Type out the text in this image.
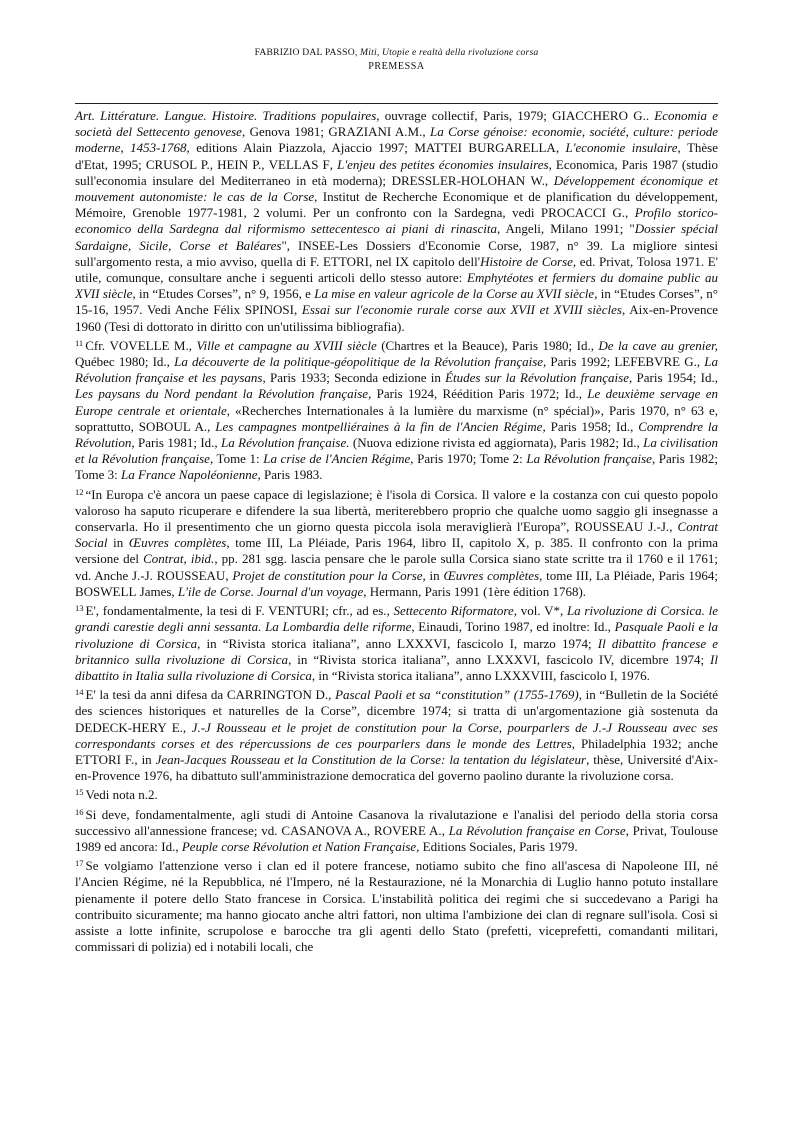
FABRIZIO DAL PASSO, Miti, Utopie e realtà della rivoluzione corsa
PREMESSA

Art. Littérature. Langue. Histoire. Traditions populaires, ouvrage collectif, Paris, 1979; GIACCHERO G.. Economia e società del Settecento genovese, Genova 1981; GRAZIANI A.M., La Corse génoise: economie, société, culture: periode moderne, 1453-1768, editions Alain Piazzola, Ajaccio 1997; MATTEI BURGARELLA, L'economie insulaire, Thèse d'Etat, 1995; CRUSOL P., HEIN P., VELLAS F, L'enjeu des petites économies insulaires, Economica, Paris 1987 (studio sull'economia insulare del Mediterraneo in età moderna); DRESSLER-HOLOHAN W., Développement économique et mouvement autonomiste: le cas de la Corse, Institut de Recherche Economique et de planification du développement, Mémoire, Grenoble 1977-1981, 2 volumi. Per un confronto con la Sardegna, vedi PROCACCI G., Profilo storico-economico della Sardegna dal riformismo settecentesco ai piani di rinascita, Angeli, Milano 1991; "Dossier spécial Sardaigne, Sicile, Corse et Baléares", INSEE-Les Dossiers d'Economie Corse, 1987, n° 39. La migliore sintesi sull'argomento resta, a mio avviso, quella di F. ETTORI, nel IX capitolo dell'Histoire de Corse, ed. Privat, Tolosa 1971. E' utile, comunque, consultare anche i seguenti articoli dello stesso autore: Emphytéotes et fermiers du domaine public au XVII siècle, in “Etudes Corses”, n° 9, 1956, e La mise en valeur agricole de la Corse au XVII siècle, in “Etudes Corses”, n° 15-16, 1957. Vedi Anche Félix SPINOSI, Essai sur l'economie rurale corse aux XVII et XVIII siècles, Aix-en-Provence 1960 (Tesi di dottorato in diritto con un'utilissima bibliografia).

$^{11}$ Cfr. VOVELLE M., Ville et campagne au XVIII siècle (Chartres et la Beauce), Paris 1980; Id., De la cave au grenier, Québec 1980; Id., La découverte de la politique-géopolitique de la Révolution française, Paris 1992; LEFEBVRE G., La Révolution française et les paysans, Paris 1933; Seconda edizione in Études sur la Révolution française, Paris 1954; Id., Les paysans du Nord pendant la Révolution française, Paris 1924, Réédition Paris 1972; Id., Le deuxième servage en Europe centrale et orientale, «Recherches Internationales à la lumière du marxisme (n° spécial)», Paris 1970, n° 63 e, soprattutto, SOBOUL A., Les campagnes montpelliéraines à la fin de l'Ancien Régime, Paris 1958; Id., Comprendre la Révolution, Paris 1981; Id., La Révolution française. (Nuova edizione rivista ed aggiornata), Paris 1982; Id., La civilisation et la Révolution française, Tome 1: La crise de l'Ancien Régime, Paris 1970; Tome 2: La Révolution française, Paris 1982; Tome 3: La France Napoléonienne, Paris 1983.

$^{12}$ “In Europa c'è ancora un paese capace di legislazione; è l'isola di Corsica. Il valore e la costanza con cui questo popolo valoroso ha saputo ricuperare e difendere la sua libertà, meriterebbero proprio che qualche uomo saggio gli insegnasse a conservarla. Ho il presentimento che un giorno questa piccola isola meraviglierà l'Europa”, ROUSSEAU J.-J., Contrat Social in Œuvres complètes, tome III, La Pléiade, Paris 1964, libro II, capitolo X, p. 385. Il confronto con la prima versione del Contrat, ibid., pp. 281 sgg. lascia pensare che le parole sulla Corsica siano state scritte tra il 1760 e il 1761; vd. Anche J.-J. ROUSSEAU, Projet de constitution pour la Corse, in Œuvres complètes, tome III, La Pléiade, Paris 1964; BOSWELL James, L'ile de Corse. Journal d'un voyage, Hermann, Paris 1991 (1ère édition 1768).

$^{13}$ E', fondamentalmente, la tesi di F. VENTURI; cfr., ad es., Settecento Riformatore, vol. V*, La rivoluzione di Corsica. le grandi carestie degli anni sessanta. La Lombardia delle riforme, Einaudi, Torino 1987, ed inoltre: Id., Pasquale Paoli e la rivoluzione di Corsica, in “Rivista storica italiana”, anno LXXXVI, fascicolo I, marzo 1974; Il dibattito francese e britannico sulla rivoluzione di Corsica, in “Rivista storica italiana”, anno LXXXVI, fascicolo IV, dicembre 1974; Il dibattito in Italia sulla rivoluzione di Corsica, in “Rivista storica italiana”, anno LXXXVIII, fascicolo I, 1976.

$^{14}$ E' la tesi da anni difesa da CARRINGTON D., Pascal Paoli et sa “constitution” (1755-1769), in “Bulletin de la Société des sciences historiques et naturelles de la Corse”, dicembre 1974; si tratta di un'argomentazione già sostenuta da DEDECK-HERY E., J.-J Rousseau et le projet de constitution pour la Corse, pourparlers de J.-J Rousseau avec ses correspondants corses et des répercussions de ces pourparlers dans le monde des Lettres, Philadelphia 1932; anche ETTORI F., in Jean-Jacques Rousseau et la Constitution de la Corse: la tentation du législateur, thèse, Université d'Aix-en-Provence 1976, ha dibattuto sull'amministrazione democratica del governo paolino durante la rivoluzione corsa.

$^{15}$ Vedi nota n.2.

$^{16}$ Si deve, fondamentalmente, agli studi di Antoine Casanova la rivalutazione e l'analisi del periodo della storia corsa successivo all'annessione francese; vd. CASANOVA A., ROVERE A., La Révolution française en Corse, Privat, Toulouse 1989 ed ancora: Id., Peuple corse Révolution et Nation Française, Editions Sociales, Paris 1979.

$^{17}$ Se volgiamo l'attenzione verso i clan ed il potere francese, notiamo subito che fino all'ascesa di Napoleone III, né l'Ancien Régime, né la Repubblica, né l'Impero, né la Restaurazione, né la Monarchia di Luglio hanno potuto installare pienamente il potere dello Stato francese in Corsica. L'instabilità politica dei regimi che si succedevano a Parigi ha contribuito sicuramente; ma hanno giocato anche altri fattori, non ultima l'ambizione dei clan di regnare sull'isola. Così si assiste a lotte infinite, scrupolose e barocche tra gli agenti dello Stato (prefetti, viceprefetti, comandanti militari, commissari di polizia) ed i notabili locali, che
